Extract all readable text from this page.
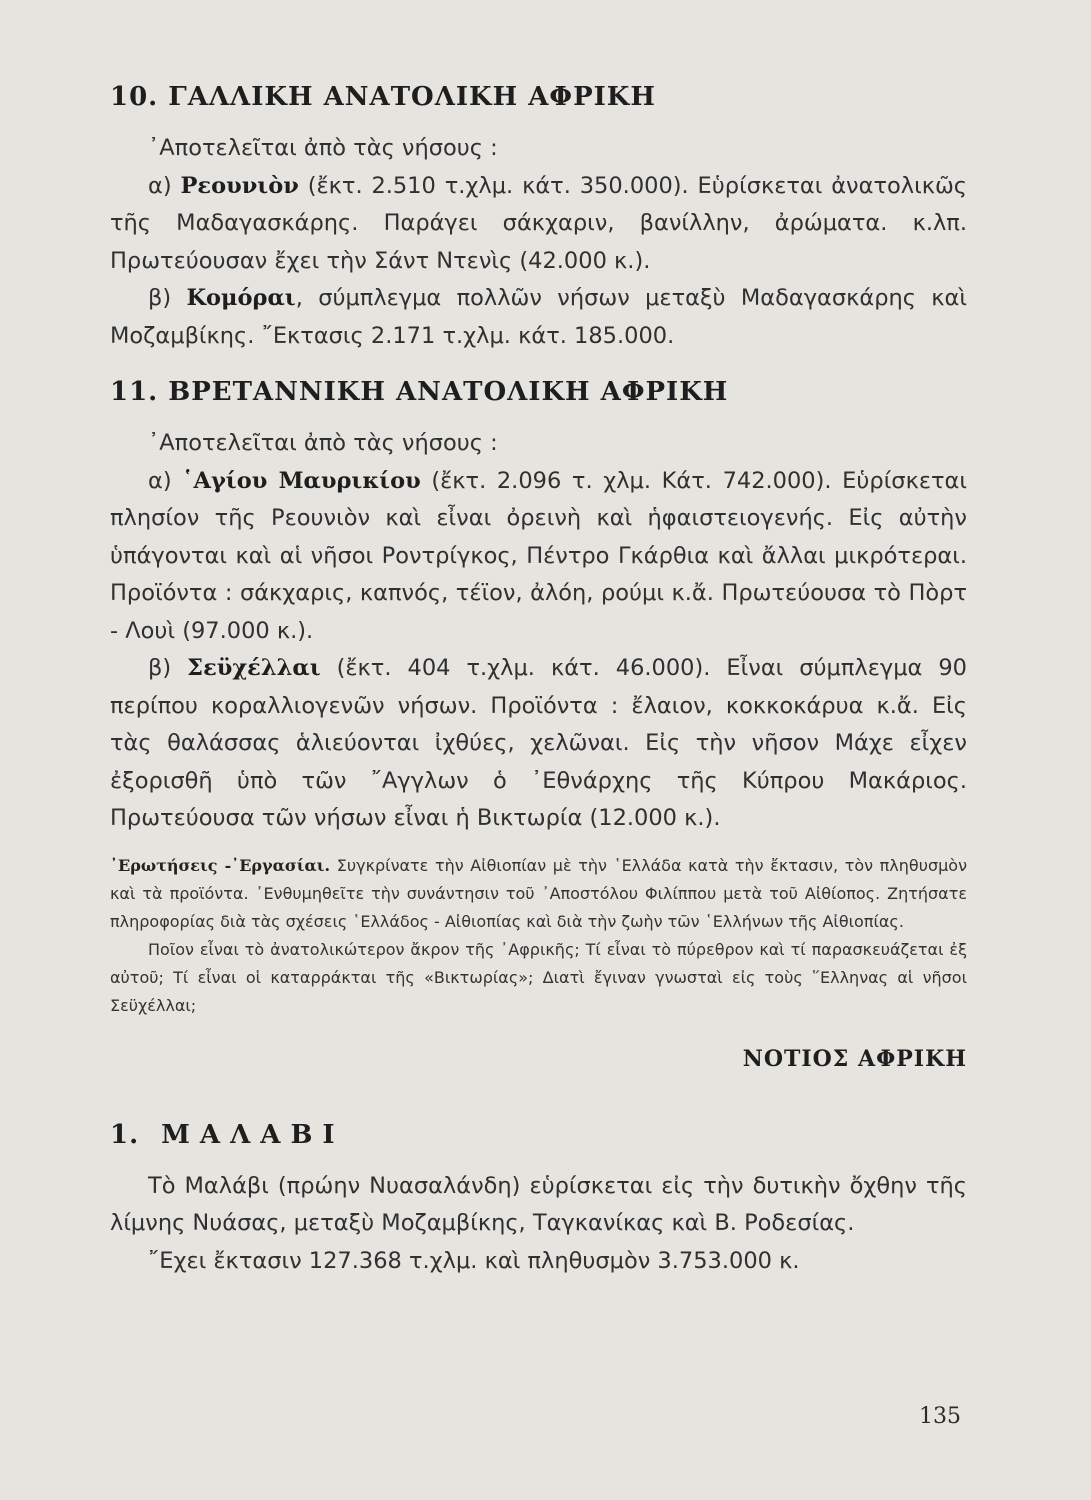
10. ΓΑΛΛΙΚΗ ΑΝΑΤΟΛΙΚΗ ΑΦΡΙΚΗ

᾿Αποτελεῖται ἀπὸ τὰς νήσους :

α) Ρεουνιὸν (ἔκτ. 2.510 τ.χλμ. κάτ. 350.000). Εὑρίσκεται ἀνατολικῶς τῆς Μαδαγασκάρης. Παράγει σάκχαριν, βανίλλην, ἀρώματα. κ.λπ. Πρωτεύουσαν ἔχει τὴν Σάντ Ντενὶς (42.000 κ.).

β) Κομόραι, σύμπλεγμα πολλῶν νήσων μεταξὺ Μαδαγασκάρης καὶ Μοζαμβίκης. ῎Εκτασις 2.171 τ.χλμ. κάτ. 185.000.

11. ΒΡΕΤΑΝΝΙΚΗ ΑΝΑΤΟΛΙΚΗ ΑΦΡΙΚΗ

᾿Αποτελεῖται ἀπὸ τὰς νήσους :

α) ῾Αγίου Μαυρικίου (ἔκτ. 2.096 τ. χλμ. Κάτ. 742.000). Εὑρίσκεται πλησίον τῆς Ρεουνιὸν καὶ εἶναι ὀρεινὴ καὶ ἡφαιστειογενής. Εἰς αὐτὴν ὑπάγονται καὶ αἱ νῆσοι Ροντρίγκος, Πέντρο Γκάρθια καὶ ἄλλαι μικρότεραι. Προϊόντα : σάκχαρις, καπνός, τέϊον, ἀλόη, ρούμι κ.ἄ. Πρωτεύουσα τὸ Πὸρτ - Λουὶ (97.000 κ.).

β) Σεϋχέλλαι (ἔκτ. 404 τ.χλμ. κάτ. 46.000). Εἶναι σύμπλεγμα 90 περίπου κοραλλιογενῶν νήσων. Προϊόντα : ἔλαιον, κοκκοκάρυα κ.ἄ. Εἰς τὰς θαλάσσας ἁλιεύονται ἰχθύες, χελῶναι. Εἰς τὴν νῆσον Μάχε εἶχεν ἐξορισθῆ ὑπὸ τῶν ῎Αγγλων ὁ ᾿Εθνάρχης τῆς Κύπρου Μακάριος. Πρωτεύουσα τῶν νήσων εἶναι ἡ Βικτωρία (12.000 κ.).

᾿Ερωτήσεις -᾿Εργασίαι. Συγκρίνατε τὴν Αἰθιοπίαν μὲ τὴν ῾Ελλάδα κατὰ τὴν ἔκτασιν, τὸν πληθυσμὸν καὶ τὰ προϊόντα. ᾿Ενθυμηθεῖτε τὴν συνάντησιν τοῦ ᾿Αποστόλου Φιλίππου μετὰ τοῦ Αἰθίοπος. Ζητήσατε πληροφορίας διὰ τὰς σχέσεις ῾Ελλάδος - Αἰθιοπίας καὶ διὰ τὴν ζωὴν τῶν ῾Ελλήνων τῆς Αἰθιοπίας.

Ποῖον εἶναι τὸ ἀνατολικώτερον ἄκρον τῆς ᾿Αφρικῆς; Τί εἶναι τὸ πύρεθρον καὶ τί παρασκευάζεται ἐξ αὐτοῦ; Τί εἶναι οἱ καταρράκται τῆς «Βικτωρίας»; Διατὶ ἔγιναν γνωσταὶ εἰς τοὺς ῞Ελληνας αἱ νῆσοι Σεϋχέλλαι;

ΝΟΤΙΟΣ ΑΦΡΙΚΗ
1. ΜΑΛΑΒΙ

Τὸ Μαλάβι (πρώην Νυασαλάνδη) εὑρίσκεται εἰς τὴν δυτικὴν ὄχθην τῆς λίμνης Νυάσας, μεταξὺ Μοζαμβίκης, Ταγκανίκας καὶ Β. Ροδεσίας.

῎Εχει ἔκτασιν 127.368 τ.χλμ. καὶ πληθυσμὸν 3.753.000 κ.

135
